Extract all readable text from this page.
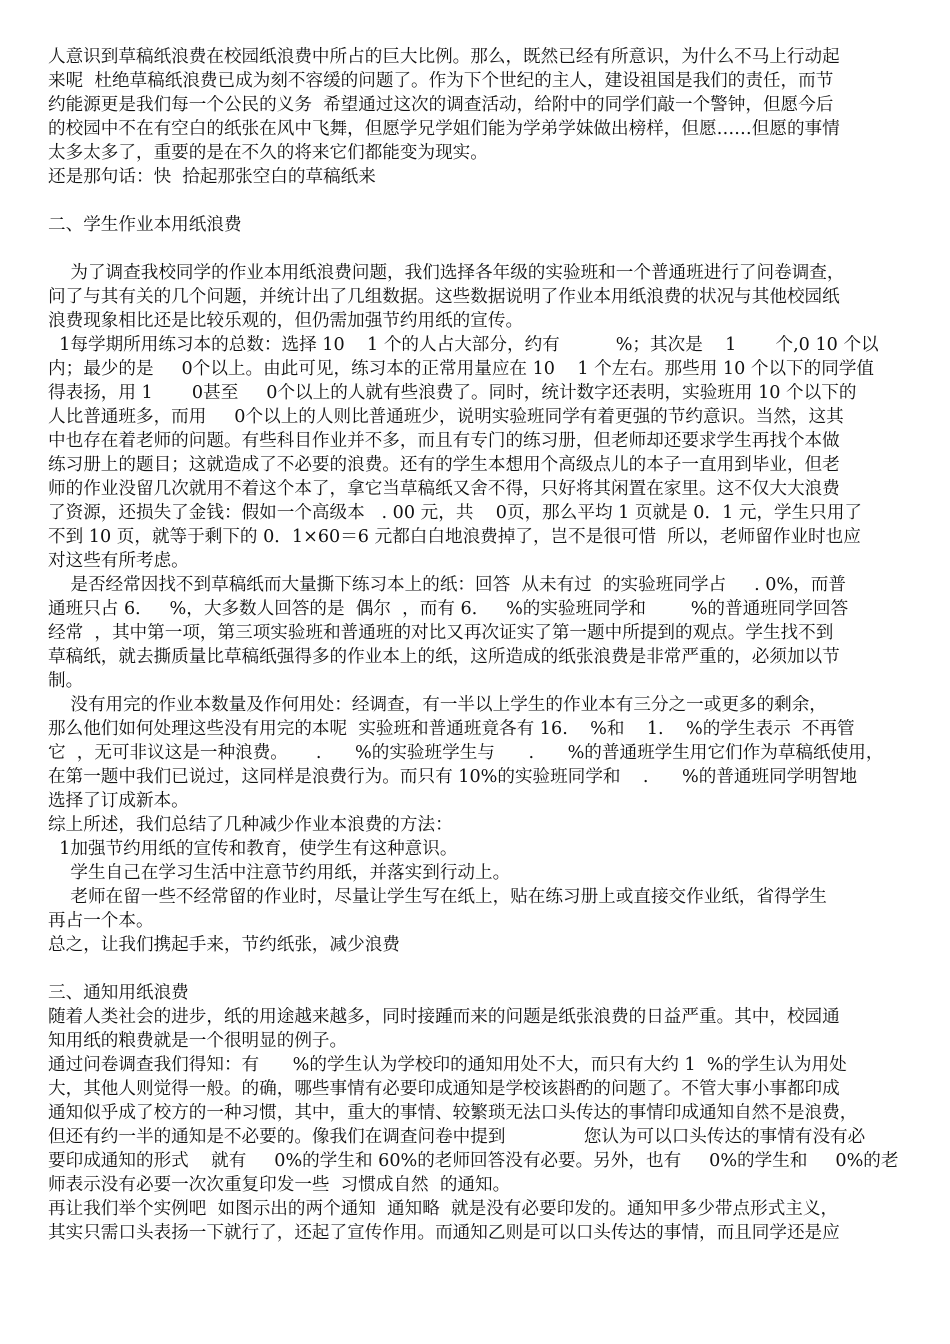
人意识到草稿纸浪费在校园纸浪费中所占的巨大比例。那么，既然已经有所意识，为什么不马上行动起
来呢  杜绝草稿纸浪费已成为刻不容缓的问题了。作为下个世纪的主人，建设祖国是我们的责任，而节
约能源更是我们每一个公民的义务  希望通过这次的调查活动，给附中的同学们敲一个警钟，但愿今后
的校园中不在有空白的纸张在风中飞舞，但愿学兄学姐们能为学弟学妹做出榜样，但愿……但愿的事情
太多太多了，重要的是在不久的将来它们都能变为现实。
还是那句话：快  拾起那张空白的草稿纸来
二、学生作业本用纸浪费
为了调查我校同学的作业本用纸浪费问题，我们选择各年级的实验班和一个普通班进行了问卷调查，
问了与其有关的几个问题，并统计出了几组数据。这些数据说明了作业本用纸浪费的状况与其他校园纸
浪费现象相比还是比较乐观的，但仍需加强节约用纸的宣传。
1每学期所用练习本的总数：选择 10    1 个的人占大部分，约有          %；其次是    1       个,0 10 个以
内；最少的是     0个以上。由此可见，练习本的正常用量应在 10    1 个左右。那些用 10 个以下的同学值
得表扬，用 1       0甚至     0个以上的人就有些浪费了。同时，统计数字还表明，实验班用 10 个以下的
人比普通班多，而用     0个以上的人则比普通班少，说明实验班同学有着更强的节约意识。当然，这其
中也存在着老师的问题。有些科目作业并不多，而且有专门的练习册，但老师却还要求学生再找个本做
练习册上的题目；这就造成了不必要的浪费。还有的学生本想用个高级点儿的本子一直用到毕业，但老
师的作业没留几次就用不着这个本了，拿它当草稿纸又舍不得，只好将其闲置在家里。这不仅大大浪费
了资源，还损失了金钱：假如一个高级本   . 00 元，共    0页，那么平均 1 页就是 0．1 元，学生只用了
不到 10 页，就等于剩下的 0．1×60＝6 元都白白地浪费掉了，岂不是很可惜  所以，老师留作业时也应
对这些有所考虑。
是否经常因找不到草稿纸而大量撕下练习本上的纸：回答  从未有过  的实验班同学占     . 0%，而普
通班只占 6．   %，大多数人回答的是  偶尔  ，而有 6．   %的实验班同学和        %的普通班同学回答
经常  ，其中第一项，第三项实验班和普通班的对比又再次证实了第一题中所提到的观点。学生找不到
草稿纸，就去撕质量比草稿纸强得多的作业本上的纸，这所造成的纸张浪费是非常严重的，必须加以节
制。
没有用完的作业本数量及作何用处：经调查，有一半以上学生的作业本有三分之一或更多的剩余，
那么他们如何处理这些没有用完的本呢  实验班和普通班竟各有 16.    %和    1.    %的学生表示  不再管
它  ，无可非议这是一种浪费。     .      %的实验班学生与      .      %的普通班学生用它们作为草稿纸使用，
在第一题中我们已说过，这同样是浪费行为。而只有 10%的实验班同学和    .      %的普通班同学明智地
选择了订成新本。
综上所述，我们总结了几种减少作业本浪费的方法：
1加强节约用纸的宣传和教育，使学生有这种意识。
学生自己在学习生活中注意节约用纸，并落实到行动上。
老师在留一些不经常留的作业时，尽量让学生写在纸上，贴在练习册上或直接交作业纸，省得学生
再占一个本。
总之，让我们携起手来，节约纸张，减少浪费
三、通知用纸浪费
随着人类社会的进步，纸的用途越来越多，同时接踵而来的问题是纸张浪费的日益严重。其中，校园通
知用纸的粮费就是一个很明显的例子。
通过问卷调查我们得知：有      %的学生认为学校印的通知用处不大，而只有大约 1  %的学生认为用处
大，其他人则觉得一般。的确，哪些事情有必要印成通知是学校该斟酌的问题了。不管大事小事都印成
通知似乎成了校方的一种习惯，其中，重大的事情、较繁琐无法口头传达的事情印成通知自然不是浪费，
但还有约一半的通知是不必要的。像我们在调查问卷中提到              您认为可以口头传达的事情有没有必
要印成通知的形式    就有     0%的学生和 60%的老师回答没有必要。另外，也有     0%的学生和     0%的老
师表示没有必要一次次重复印发一些  习惯成自然  的通知。
再让我们举个实例吧  如图示出的两个通知  通知略  就是没有必要印发的。通知甲多少带点形式主义，
其实只需口头表扬一下就行了，还起了宣传作用。而通知乙则是可以口头传达的事情，而且同学还是应
